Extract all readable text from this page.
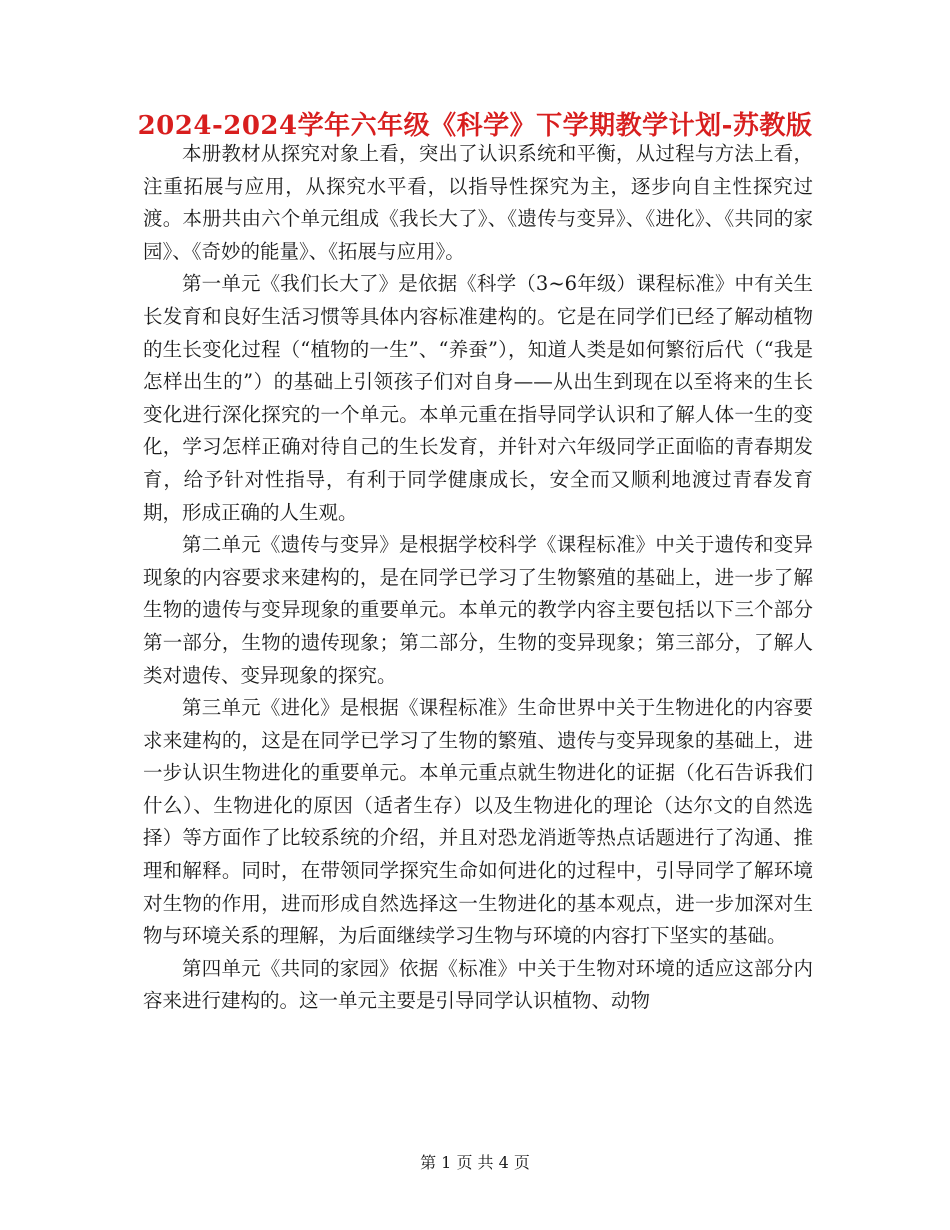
2024-2024学年六年级《科学》下学期教学计划-苏教版

本册教材从探究对象上看，突出了认识系统和平衡，从过程与方法上看，注重拓展与应用，从探究水平看，以指导性探究为主，逐步向自主性探究过渡。本册共由六个单元组成《我长大了》、《遗传与变异》、《进化》、《共同的家园》、《奇妙的能量》、《拓展与应用》。

第一单元《我们长大了》是依据《科学（3~6年级）课程标准》中有关生长发育和良好生活习惯等具体内容标准建构的。它是在同学们已经了解动植物的生长变化过程（“植物的一生”、“养蚕”），知道人类是如何繁衍后代（“我是怎样出生的”）的基础上引领孩子们对自身——从出生到现在以至将来的生长变化进行深化探究的一个单元。本单元重在指导同学认识和了解人体一生的变化，学习怎样正确对待自己的生长发育，并针对六年级同学正面临的青春期发育，给予针对性指导，有利于同学健康成长，安全而又顺利地渡过青春发育期，形成正确的人生观。

第二单元《遗传与变异》是根据学校科学《课程标准》中关于遗传和变异现象的内容要求来建构的，是在同学已学习了生物繁殖的基础上，进一步了解生物的遗传与变异现象的重要单元。本单元的教学内容主要包括以下三个部分第一部分，生物的遗传现象；第二部分，生物的变异现象；第三部分，了解人类对遗传、变异现象的探究。

第三单元《进化》是根据《课程标准》生命世界中关于生物进化的内容要求来建构的，这是在同学已学习了生物的繁殖、遗传与变异现象的基础上，进一步认识生物进化的重要单元。本单元重点就生物进化的证据（化石告诉我们什么）、生物进化的原因（适者生存）以及生物进化的理论（达尔文的自然选择）等方面作了比较系统的介绍，并且对恐龙消逝等热点话题进行了沟通、推理和解释。同时，在带领同学探究生命如何进化的过程中，引导同学了解环境对生物的作用，进而形成自然选择这一生物进化的基本观点，进一步加深对生物与环境关系的理解，为后面继续学习生物与环境的内容打下坚实的基础。

第四单元《共同的家园》依据《标准》中关于生物对环境的适应这部分内容来进行建构的。这一单元主要是引导同学认识植物、动物

第 1 页 共 4 页
